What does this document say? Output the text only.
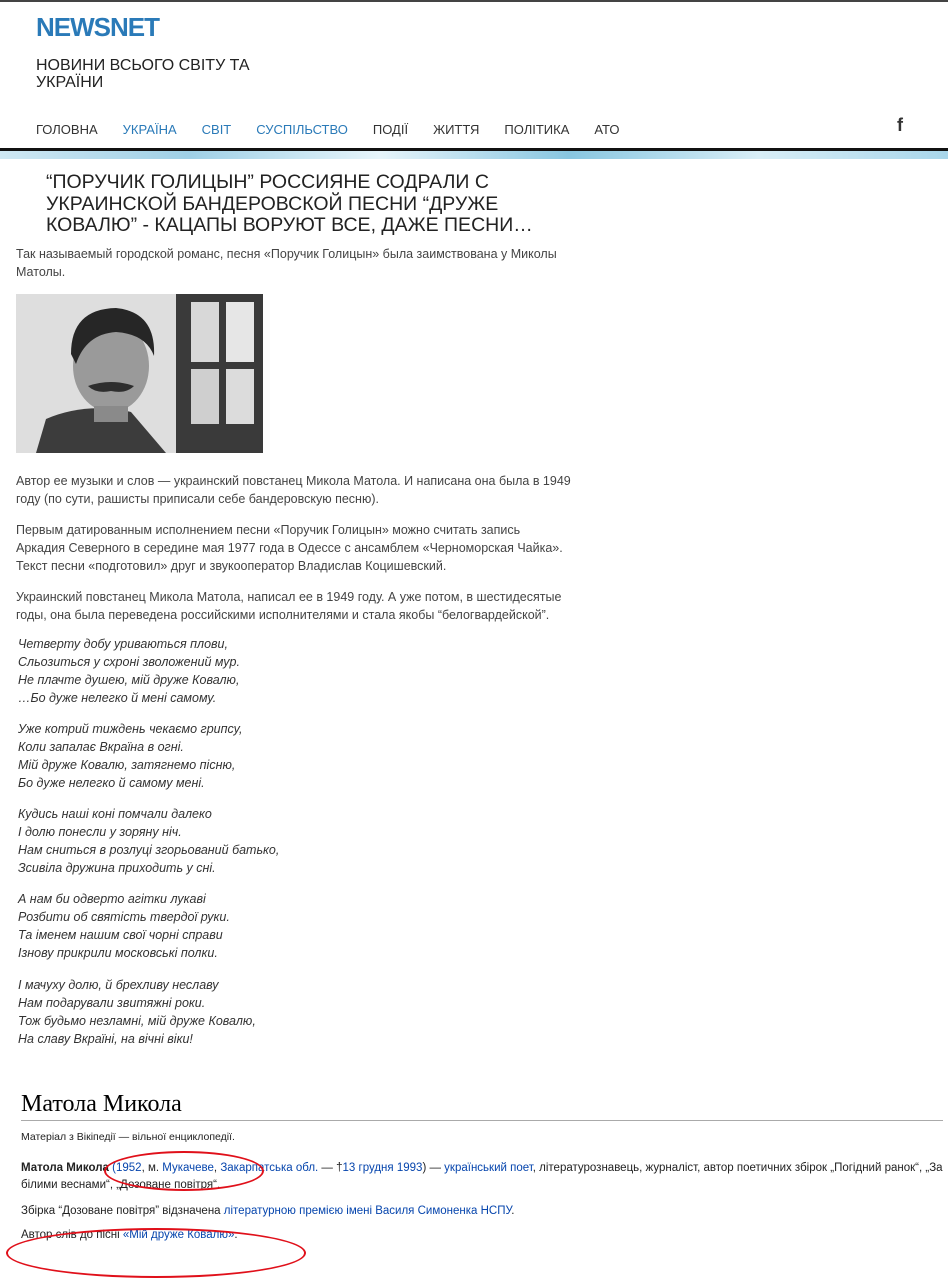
NEWSNET
НОВИНИ ВСЬОГО СВІТУ ТА УКРАЇНИ
ГОЛОВНА УКРАЇНА СВІТ СУСПІЛЬСТВО ПОДІЇ ЖИТТЯ ПОЛІТИКА АТО	f
“ПОРУЧИК ГОЛИЦЫН” РОССИЯНЕ СОДРАЛИ С УКРАИНСКОЙ БАНДЕРОВСКОЙ ПЕСНИ “ДРУЖЕ КОВАЛЮ” - КАЦАПЫ ВОРУЮТ ВСЕ, ДАЖЕ ПЕСНИ…

Так называемый городской романс, песня «Поручик Голицын» была заимствована у Миколы Матолы.

Автор ее музыки и слов — украинский повстанец Микола Матола. И написана она была в 1949 году (по сути, рашисты приписали себе бандеровскую песню).

Первым датированным исполнением песни «Поручик Голицын» можно считать запись Аркадия Северного в середине мая 1977 года в Одессе с ансамблем «Черноморская Чайка». Текст песни «подготовил» друг и звукооператор Владислав Коцишевский.

Украинский повстанец Микола Матола, написал ее в 1949 году. А уже потом, в шестидесятые годы, она была переведена российскими исполнителями и стала якобы “белогвардейской”.

Четверту добу уриваються плови,
Сльозиться у схроні зволожений мур.
Не плачте душею, мій друже Ковалю,
…Бо дуже нелегко й мені самому.
Уже котрий тиждень чекаємо грипсу,
Коли запалає Вкраїна в огні.
Мій друже Ковалю, затягнемо пісню,
Бо дуже нелегко й самому мені.
Кудись наші коні помчали далеко
І долю понесли у зоряну ніч.
Нам сниться в розлуці згорьований батько,
Зсивіла дружина приходить у сні.
А нам би одверто агітки лукаві
Розбити об святість твердої руки.
Та іменем нашим свої чорні справи
Ізнову прикрили московські полки.
І мачуху долю, й брехливу неславу
Нам подарували звитяжні роки.
Тож будьмо незламні, мій друже Ковалю,
На славу Вкраїні, на вічні віки!
Матола Микола
Матеріал з Вікіпедії — вільної енциклопедії.
Матола Микола (1952, м. Мукачеве, Закарпатська обл. — †13 грудня 1993) — український поет, літературознавець, журналіст, автор поетичних збірок „Погідний ранок“, „За білими веснами“, „Дозоване повітря“.
Збірка “Дозоване повітря” відзначена літературною премією імені Василя Симоненка НСПУ.
Автор слів до пісні «Мій друже Ковалю».
